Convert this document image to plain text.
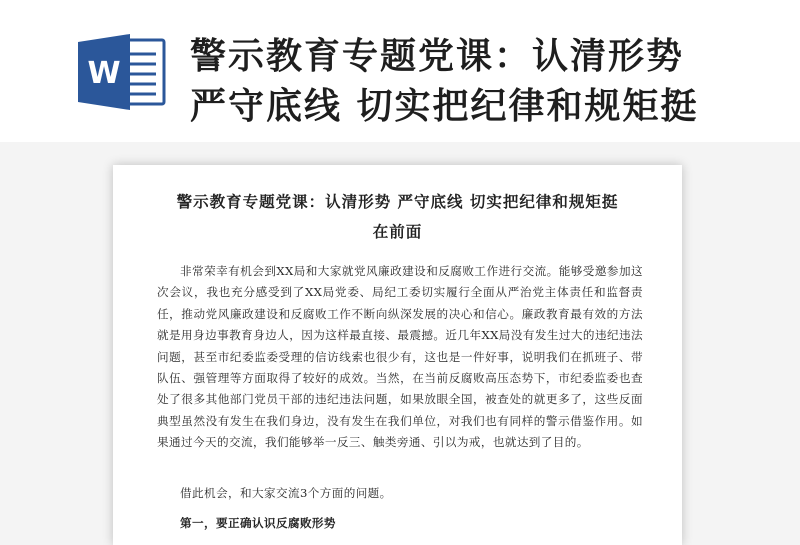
W 警示教育专题党课：认清形势
严守底线 切实把纪律和规矩挺
警示教育专题党课：认清形势 严守底线 切实把纪律和规矩挺
在前面
非常荣幸有机会到XX局和大家就党风廉政建设和反腐败工作进行交流。能够受邀参加这次会议，我也充分感受到了XX局党委、局纪工委切实履行全面从严治党主体责任和监督责任，推动党风廉政建设和反腐败工作不断向纵深发展的决心和信心。廉政教育最有效的方法就是用身边事教育身边人，因为这样最直接、最震撼。近几年XX局没有发生过大的违纪违法问题，甚至市纪委监委受理的信访线索也很少有，这也是一件好事，说明我们在抓班子、带队伍、强管理等方面取得了较好的成效。当然，在当前反腐败高压态势下，市纪委监委也查处了很多其他部门党员干部的违纪违法问题，如果放眼全国，被查处的就更多了，这些反面典型虽然没有发生在我们身边，没有发生在我们单位，对我们也有同样的警示借鉴作用。如果通过今天的交流，我们能够举一反三、触类旁通、引以为戒，也就达到了目的。
借此机会，和大家交流3个方面的问题。
第一，要正确认识反腐败形势
